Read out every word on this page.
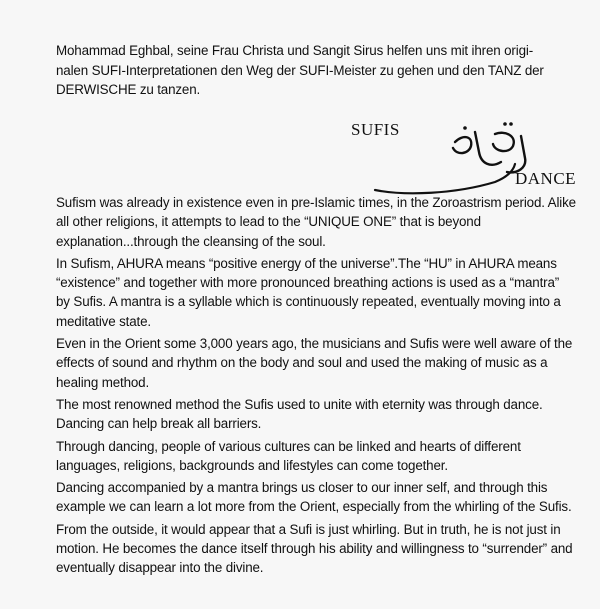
Mohammad Eghbal, seine Frau Christa und Sangit Sirus helfen uns mit ihren origi-

nalen SUFI-Interpretationen den Weg der SUFI-Meister zu gehen und den TANZ der

DERWISCHE zu tanzen.

SUFIS
DANCE

Sufism was already in existence even in pre-Islamic times, in the Zoroastrism period. Alike all other religions, it attempts to lead to the “UNIQUE ONE” that is beyond explanation...through the cleansing of the soul.

In Sufism, AHURA means “positive energy of the universe”.The “HU” in AHURA means “existence” and together with more pronounced breathing actions is used as a “mantra” by Sufis. A mantra is a syllable which is continuously repeated, eventually moving into a meditative state.

Even in the Orient some 3,000 years ago, the musicians and Sufis were well aware of the effects of sound and rhythm on the body and soul and used the making of music as a healing method.

The most renowned method the Sufis used to unite with eternity was through dance. Dancing can help break all barriers.

Through dancing, people of various cultures can be linked and hearts of different languages, religions, backgrounds and lifestyles can come together.

Dancing accompanied by a mantra brings us closer to our inner self, and through this example we can learn a lot more from the Orient, especially from the whirling of the Sufis.

From the outside, it would appear that a Sufi is just whirling. But in truth, he is not just in motion. He becomes the dance itself through his ability and willingness to “surrender” and eventually disappear into the divine.
